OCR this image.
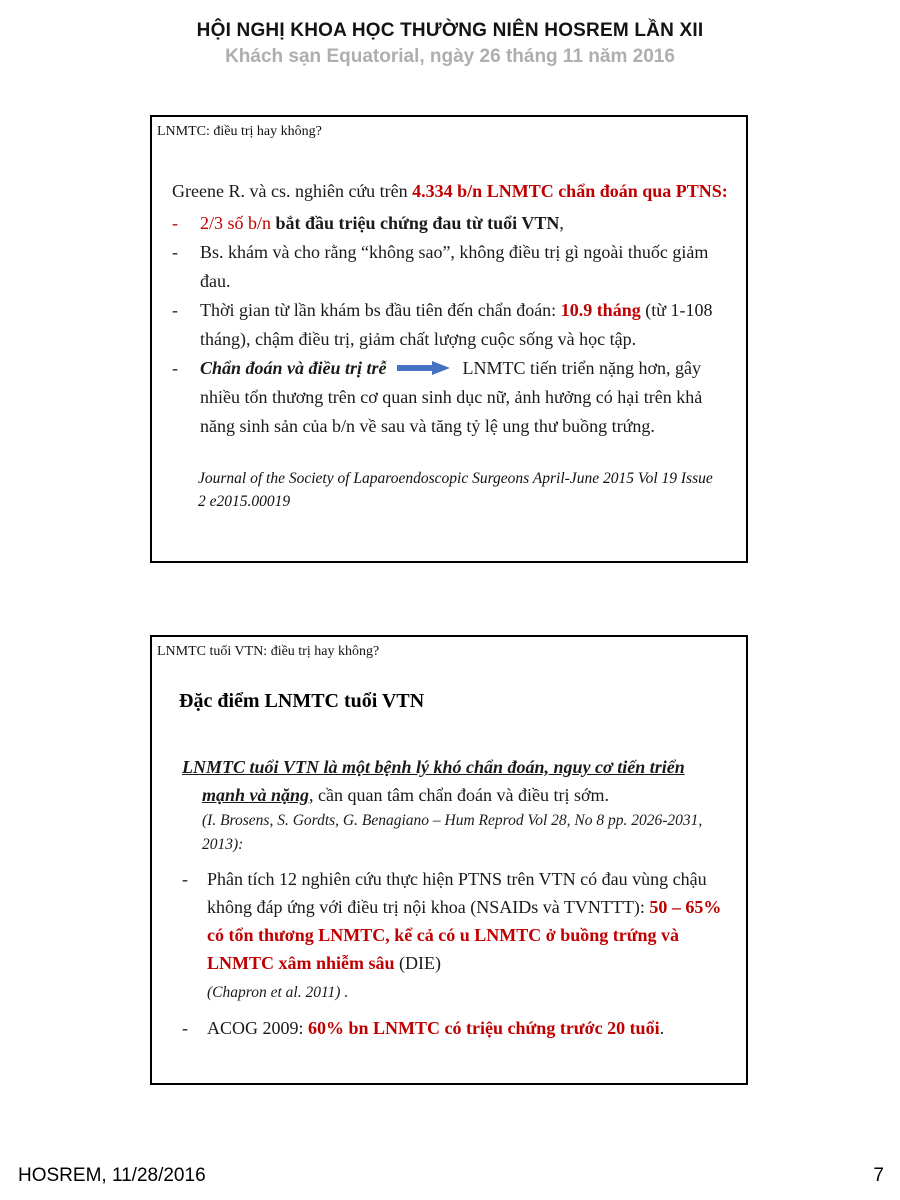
HỘI NGHỊ KHOA HỌC THƯỜNG NIÊN HOSREM LẦN XII
Khách sạn Equatorial, ngày 26 tháng 11 năm 2016
LNMTC: điều trị hay không?

Greene R. và cs. nghiên cứu trên 4.334 b/n LNMTC chẩn đoán qua PTNS:

-	2/3 số b/n bắt đầu triệu chứng đau từ tuổi VTN,
-	Bs. khám và cho rằng “không sao”, không điều trị gì ngoài thuốc giảm đau.
-	Thời gian từ lần khám bs đầu tiên đến chẩn đoán: 10.9 tháng (từ 1-108 tháng), chậm điều trị, giảm chất lượng cuộc sống và học tập.
-	Chẩn đoán và điều trị trễ	LNMTC tiến triển nặng hơn, gây nhiều tổn thương trên cơ quan sinh dục nữ, ảnh hưởng có hại trên khả năng sinh sản của b/n về sau và tăng tỷ lệ ung thư buồng trứng.

Journal of the Society of Laparoendoscopic Surgeons April-June 2015 Vol 19 Issue 2 e2015.00019

LNMTC tuổi VTN: điều trị hay không?
Đặc điểm LNMTC tuổi VTN

LNMTC tuổi VTN là một bệnh lý khó chẩn đoán, nguy cơ tiến triển mạnh và nặng, cần quan tâm chẩn đoán và điều trị sớm.

(I. Brosens, S. Gordts, G. Benagiano – Hum Reprod Vol 28, No 8 pp. 2026-2031, 2013):

-	Phân tích 12 nghiên cứu thực hiện PTNS trên VTN có đau vùng chậu không đáp ứng với điều trị nội khoa (NSAIDs và TVNTTT): 50 – 65% có tổn thương LNMTC, kể cả có u LNMTC ở buồng trứng và LNMTC xâm nhiễm sâu (DIE)
(Chapron et al. 2011) .
-	ACOG 2009: 60% bn LNMTC có triệu chứng trước 20 tuổi.
HOSREM, 11/28/2016	7
